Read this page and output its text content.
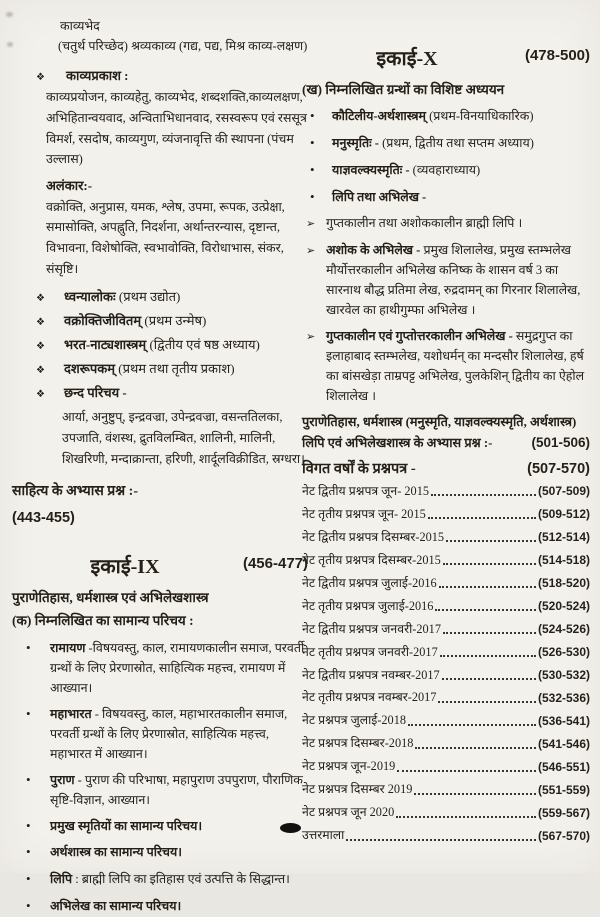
काव्यभेद
(चतुर्थ परिच्छेद) श्रव्यकाव्य (गद्य, पद्य, मिश्र काव्य-लक्षण)
❖	काव्यप्रकाश :
काव्यप्रयोजन, काव्यहेतु, काव्यभेद, शब्दशक्ति,काव्यलक्षण, अभिहितान्वयवाद, अन्विताभिधानवाद, रसस्वरूप एवं रससूत्र विमर्श, रसदोष, काव्यगुण, व्यंजनावृत्ति की स्थापना (पंचम उल्लास)
अलंकार:-
वक्रोक्ति, अनुप्रास, यमक, श्लेष, उपमा, रूपक, उत्प्रेक्षा, समासोक्ति, अपह्नुति, निदर्शना, अर्थान्तरन्यास, दृष्टान्त, विभावना, विशेषोक्ति, स्वभावोक्ति, विरोधाभास, संकर, संसृष्टि।
❖	ध्वन्यालोकः (प्रथम उद्योत)
❖	वक्रोक्तिजीवितम् (प्रथम उन्मेष)
❖	भरत-नाट्यशास्त्रम् (द्वितीय एवं षष्ठ अध्याय)
❖	दशरूपकम् (प्रथम तथा तृतीय प्रकाश)
❖	छन्द परिचय -
आर्या, अनुष्टुप्, इन्द्रवज्रा, उपेन्द्रवज्रा, वसन्ततिलका, उपजाति, वंशस्थ, द्रुतविलम्बित, शालिनी, मालिनी, शिखरिणी, मन्दाक्रान्ता, हरिणी, शार्दूलविक्रीडित, स्रग्धरा।
साहित्य के अभ्यास प्रश्न :-
(443-455)
इकाई-IX	(456-477)
पुराणेतिहास, धर्मशास्त्र एवं अभिलेखशास्त्र
(क) निम्नलिखित का सामान्य परिचय :
•	रामायण -विषयवस्तु, काल, रामायणकालीन समाज, परवर्ती ग्रन्थों के लिए प्रेरणास्रोत, साहित्यिक महत्त्व, रामायण में आख्यान।
•	महाभारत - विषयवस्तु, काल, महाभारतकालीन समाज, परवर्ती ग्रन्थों के लिए प्रेरणास्रोत, साहित्यिक महत्त्व, महाभारत में आख्यान।
•	पुराण - पुराण की परिभाषा, महापुराण उपपुराण, पौराणिक सृष्टि-विज्ञान, आख्यान।
•	प्रमुख स्मृतियों का सामान्य परिचय।
•	अर्थशास्त्र का सामान्य परिचय।
•	लिपि : ब्राह्मी लिपि का इतिहास एवं उत्पत्ति के सिद्धान्त।
•	अभिलेख का सामान्य परिचय।
इकाई-X	(478-500)
(ख) निम्नलिखित ग्रन्थों का विशिष्ट अध्ययन
•	कौटिलीय-अर्थशास्त्रम् (प्रथम-विनयाधिकारिक)
•	मनुस्मृतिः - (प्रथम, द्वितीय तथा सप्तम अध्याय)
•	याज्ञवल्क्यस्मृतिः - (व्यवहाराध्याय)
•	लिपि तथा अभिलेख -
➢ गुप्तकालीन तथा अशोककालीन ब्राह्मी लिपि ।
➢ अशोक के अभिलेख - प्रमुख शिलालेख, प्रमुख स्तम्भलेख मौर्योत्तरकालीन अभिलेख कनिष्क के शासन वर्ष 3 का सारनाथ बौद्ध प्रतिमा लेख, रुद्रदामन् का गिरनार शिलालेख, खारवेल का हाथीगुम्फा अभिलेख ।
➢ गुप्तकालीन एवं गुप्तोत्तरकालीन अभिलेख - समुद्रगुप्त का इलाहाबाद स्तम्भलेख, यशोधर्मन् का मन्दसौर शिलालेख, हर्ष का बांसखेड़ा ताम्रपट्ट अभिलेख, पुलकेशिन् द्वितीय का ऐहोल शिलालेख ।
पुराणेतिहास, धर्मशास्त्र (मनुस्मृति, याज्ञवल्क्यस्मृति, अर्थशास्त्र)
लिपि एवं अभिलेखशास्त्र के अभ्यास प्रश्न :-	(501-506)
विगत वर्षों के प्रश्नपत्र -	(507-570)
नेट द्वितीय प्रश्नपत्र जून- 2015	(507-509)
नेट तृतीय प्रश्नपत्र जून- 2015	(509-512)
नेट द्वितीय प्रश्नपत्र दिसम्बर-2015	(512-514)
नेट तृतीय प्रश्नपत्र दिसम्बर-2015	(514-518)
नेट द्वितीय प्रश्नपत्र जुलाई-2016	(518-520)
नेट तृतीय प्रश्नपत्र जुलाई-2016	(520-524)
नेट द्वितीय प्रश्नपत्र जनवरी-2017	(524-526)
नेट तृतीय प्रश्नपत्र जनवरी-2017	(526-530)
नेट द्वितीय प्रश्नपत्र नवम्बर-2017	(530-532)
नेट तृतीय प्रश्नपत्र नवम्बर-2017	(532-536)
नेट प्रश्नपत्र जुलाई-2018	(536-541)
नेट प्रश्नपत्र दिसम्बर-2018	(541-546)
नेट प्रश्नपत्र जून-2019	(546-551)
नेट प्रश्नपत्र दिसम्बर 2019	(551-559)
नेट प्रश्नपत्र जून 2020	(559-567)
उत्तरमाला	(567-570)
